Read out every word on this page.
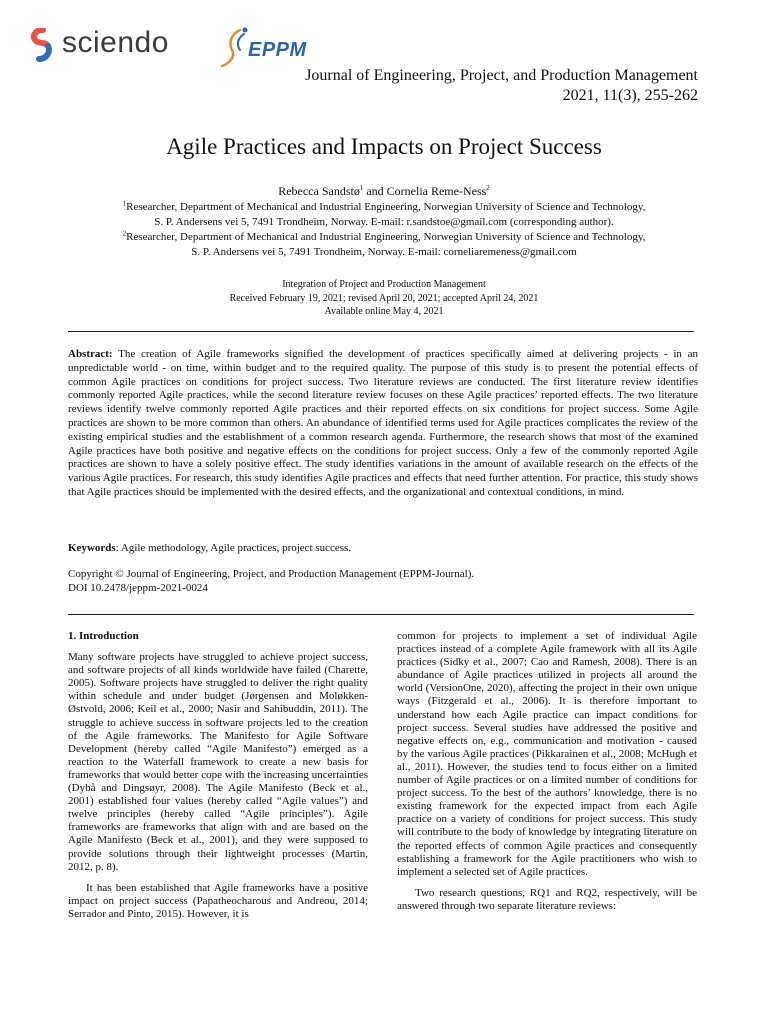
sciendo	EPPM
Journal of Engineering, Project, and Production Management
2021, 11(3), 255-262
Agile Practices and Impacts on Project Success
Rebecca Sandstø$^1$ and Cornelia Reme-Ness$^2$

$^1$Researcher, Department of Mechanical and Industrial Engineering, Norwegian University of Science and Technology,

S. P. Andersens vei 5, 7491 Trondheim, Norway. E-mail: r.sandstoe@gmail.com (corresponding author).

$^2$Researcher, Department of Mechanical and Industrial Engineering, Norwegian University of Science and Technology,

S. P. Andersens vei 5, 7491 Trondheim, Norway. E-mail: corneliaremeness@gmail.com

Integration of Project and Production Management

Received February 19, 2021; revised April 20, 2021; accepted April 24, 2021

Available online May 4, 2021

Abstract: The creation of Agile frameworks signified the development of practices specifically aimed at delivering projects - in an unpredictable world - on time, within budget and to the required quality. The purpose of this study is to present the potential effects of common Agile practices on conditions for project success. Two literature reviews are conducted. The first literature review identifies commonly reported Agile practices, while the second literature review focuses on these Agile practices’ reported effects. The two literature reviews identify twelve commonly reported Agile practices and their reported effects on six conditions for project success. Some Agile practices are shown to be more common than others. An abundance of identified terms used for Agile practices complicates the review of the existing empirical studies and the establishment of a common research agenda. Furthermore, the research shows that most of the examined Agile practices have both positive and negative effects on the conditions for project success. Only a few of the commonly reported Agile practices are shown to have a solely positive effect. The study identifies variations in the amount of available research on the effects of the various Agile practices. For research, this study identifies Agile practices and effects that need further attention. For practice, this study shows that Agile practices should be implemented with the desired effects, and the organizational and contextual conditions, in mind.
Keywords: Agile methodology, Agile practices, project success.

Copyright © Journal of Engineering, Project, and Production Management (EPPM-Journal).

DOI 10.2478/jeppm-2021-0024

1. Introduction

Many software projects have struggled to achieve project success, and software projects of all kinds worldwide have failed (Charette, 2005). Software projects have struggled to deliver the right quality within schedule and under budget (Jørgensen and Moløkken-Østvold, 2006; Keil et al., 2000; Nasir and Sahibuddin, 2011). The struggle to achieve success in software projects led to the creation of the Agile frameworks. The Manifesto for Agile Software Development (hereby called “Agile Manifesto”) emerged as a reaction to the Waterfall framework to create a new basis for frameworks that would better cope with the increasing uncertainties (Dybå and Dingsøyr, 2008). The Agile Manifesto (Beck et al., 2001) established four values (hereby called “Agile values”) and twelve principles (hereby called “Agile principles”). Agile frameworks are frameworks that align with and are based on the Agile Manifesto (Beck et al., 2001), and they were supposed to provide solutions through their lightweight processes (Martin, 2012, p. 8).

It has been established that Agile frameworks have a positive impact on project success (Papatheocharous and Andreou, 2014; Serrador and Pinto, 2015). However, it is

common for projects to implement a set of individual Agile practices instead of a complete Agile framework with all its Agile practices (Sidky et al., 2007; Cao and Ramesh, 2008). There is an abundance of Agile practices utilized in projects all around the world (VersionOne, 2020), affecting the project in their own unique ways (Fitzgerald et al., 2006). It is therefore important to understand how each Agile practice can impact conditions for project success. Several studies have addressed the positive and negative effects on, e.g., communication and motivation - caused by the various Agile practices (Pikkarainen et al., 2008; McHugh et al., 2011). However, the studies tend to focus either on a limited number of Agile practices or on a limited number of conditions for project success. To the best of the authors’ knowledge, there is no existing framework for the expected impact from each Agile practice on a variety of conditions for project success. This study will contribute to the body of knowledge by integrating literature on the reported effects of common Agile practices and consequently establishing a framework for the Agile practitioners who wish to implement a selected set of Agile practices.

Two research questions, RQ1 and RQ2, respectively, will be answered through two separate literature reviews:
